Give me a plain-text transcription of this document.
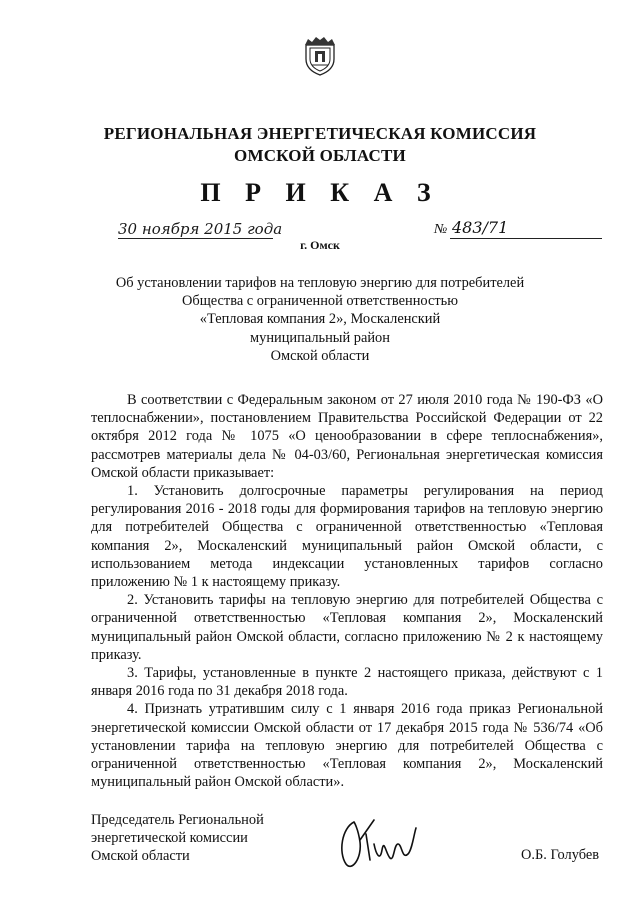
РЕГИОНАЛЬНАЯ ЭНЕРГЕТИЧЕСКАЯ КОМИССИЯ
ОМСКОЙ ОБЛАСТИ
П Р И К А З
30 ноября 2015 года	№ 483/71
г. Омск
Об установлении тарифов на тепловую энергию для потребителей
Общества с ограниченной ответственностью
«Тепловая компания 2», Москаленский
муниципальный район
Омской области

В соответствии с Федеральным законом от 27 июля 2010 года № 190-ФЗ «О теплоснабжении», постановлением Правительства Российской Федерации от 22 октября 2012 года № 1075 «О ценообразовании в сфере теплоснабжения», рассмотрев материалы дела № 04-03/60, Региональная энергетическая комиссия Омской области приказывает:

1. Установить долгосрочные параметры регулирования на период регулирования 2016 - 2018 годы для формирования тарифов на тепловую энергию для потребителей Общества с ограниченной ответственностью «Тепловая компания 2», Москаленский муниципальный район Омской области, с использованием метода индексации установленных тарифов согласно приложению № 1 к настоящему приказу.

2. Установить тарифы на тепловую энергию для потребителей Общества с ограниченной ответственностью «Тепловая компания 2», Москаленский муниципальный район Омской области, согласно приложению № 2 к настоящему приказу.

3. Тарифы, установленные в пункте 2 настоящего приказа, действуют с 1 января 2016 года по 31 декабря 2018 года.

4. Признать утратившим силу с 1 января 2016 года приказ Региональной энергетической комиссии Омской области от 17 декабря 2015 года № 536/74 «Об установлении тарифа на тепловую энергию для потребителей Общества с ограниченной ответственностью «Тепловая компания 2», Москаленский муниципальный район Омской области».

Председатель Региональной
энергетической комиссии
Омской области	О.Б. Голубев
